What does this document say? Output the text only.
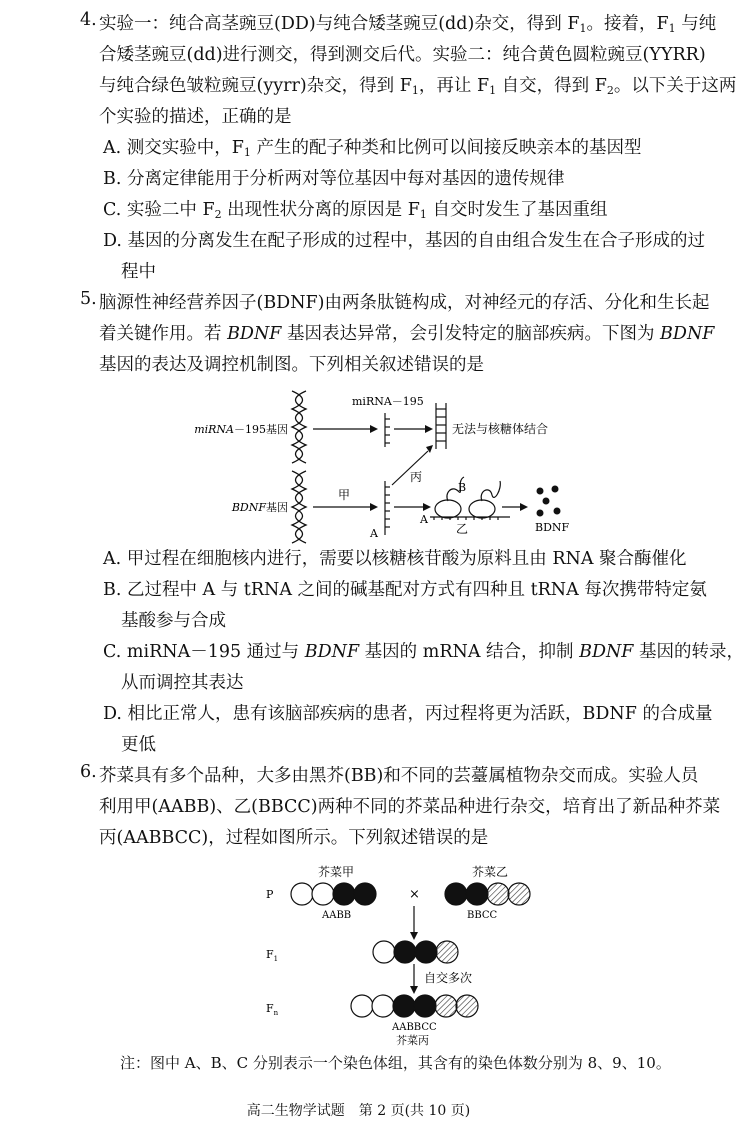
4. 实验一：纯合高茎豌豆(DD)与纯合矮茎豌豆(dd)杂交，得到 $F_1$。接着，$F_1$ 与纯
合矮茎豌豆(dd)进行测交，得到测交后代。实验二：纯合黄色圆粒豌豆(YYRR)
与纯合绿色皱粒豌豆(yyrr)杂交，得到 $F_1$，再让 $F_1$ 自交，得到 $F_2$。以下关于这两
个实验的描述，正确的是
A. 测交实验中，$F_1$ 产生的配子种类和比例可以间接反映亲本的基因型
B. 分离定律能用于分析两对等位基因中每对基因的遗传规律
C. 实验二中 $F_2$ 出现性状分离的原因是 $F_1$ 自交时发生了基因重组
D. 基因的分离发生在配子形成的过程中，基因的自由组合发生在合子形成的过
程中
5. 脑源性神经营养因子(BDNF)由两条肽链构成，对神经元的存活、分化和生长起
着关键作用。若 BDNF 基因表达异常，会引发特定的脑部疾病。下图为 BDNF
基因的表达及调控机制图。下列相关叙述错误的是
miRNA－195基因
miRNA－195
无法与核糖体结合
丙
BDNF基因
甲
A
B
A
乙	BDNF
A. 甲过程在细胞核内进行，需要以核糖核苷酸为原料且由 RNA 聚合酶催化
B. 乙过程中 A 与 tRNA 之间的碱基配对方式有四种且 tRNA 每次携带特定氨
基酸参与合成
C. miRNA－195 通过与 BDNF 基因的 mRNA 结合，抑制 BDNF 基因的转录，
从而调控其表达
D. 相比正常人，患有该脑部疾病的患者，丙过程将更为活跃，BDNF 的合成量
更低
6. 芥菜具有多个品种，大多由黑芥(BB)和不同的芸薹属植物杂交而成。实验人员
利用甲(AABB)、乙(BBCC)两种不同的芥菜品种进行杂交，培育出了新品种芥菜
丙(AABBCC)，过程如图所示。下列叙述错误的是
P
$F_1$
$F_n$
芥菜甲
AABB
×
芥菜乙
BBCC
自交多次
AABBCC
芥菜丙
注：图中 A、B、C 分别表示一个染色体组，其含有的染色体数分别为 8、9、10。
高二生物学试题　第 2 页(共 10 页)
